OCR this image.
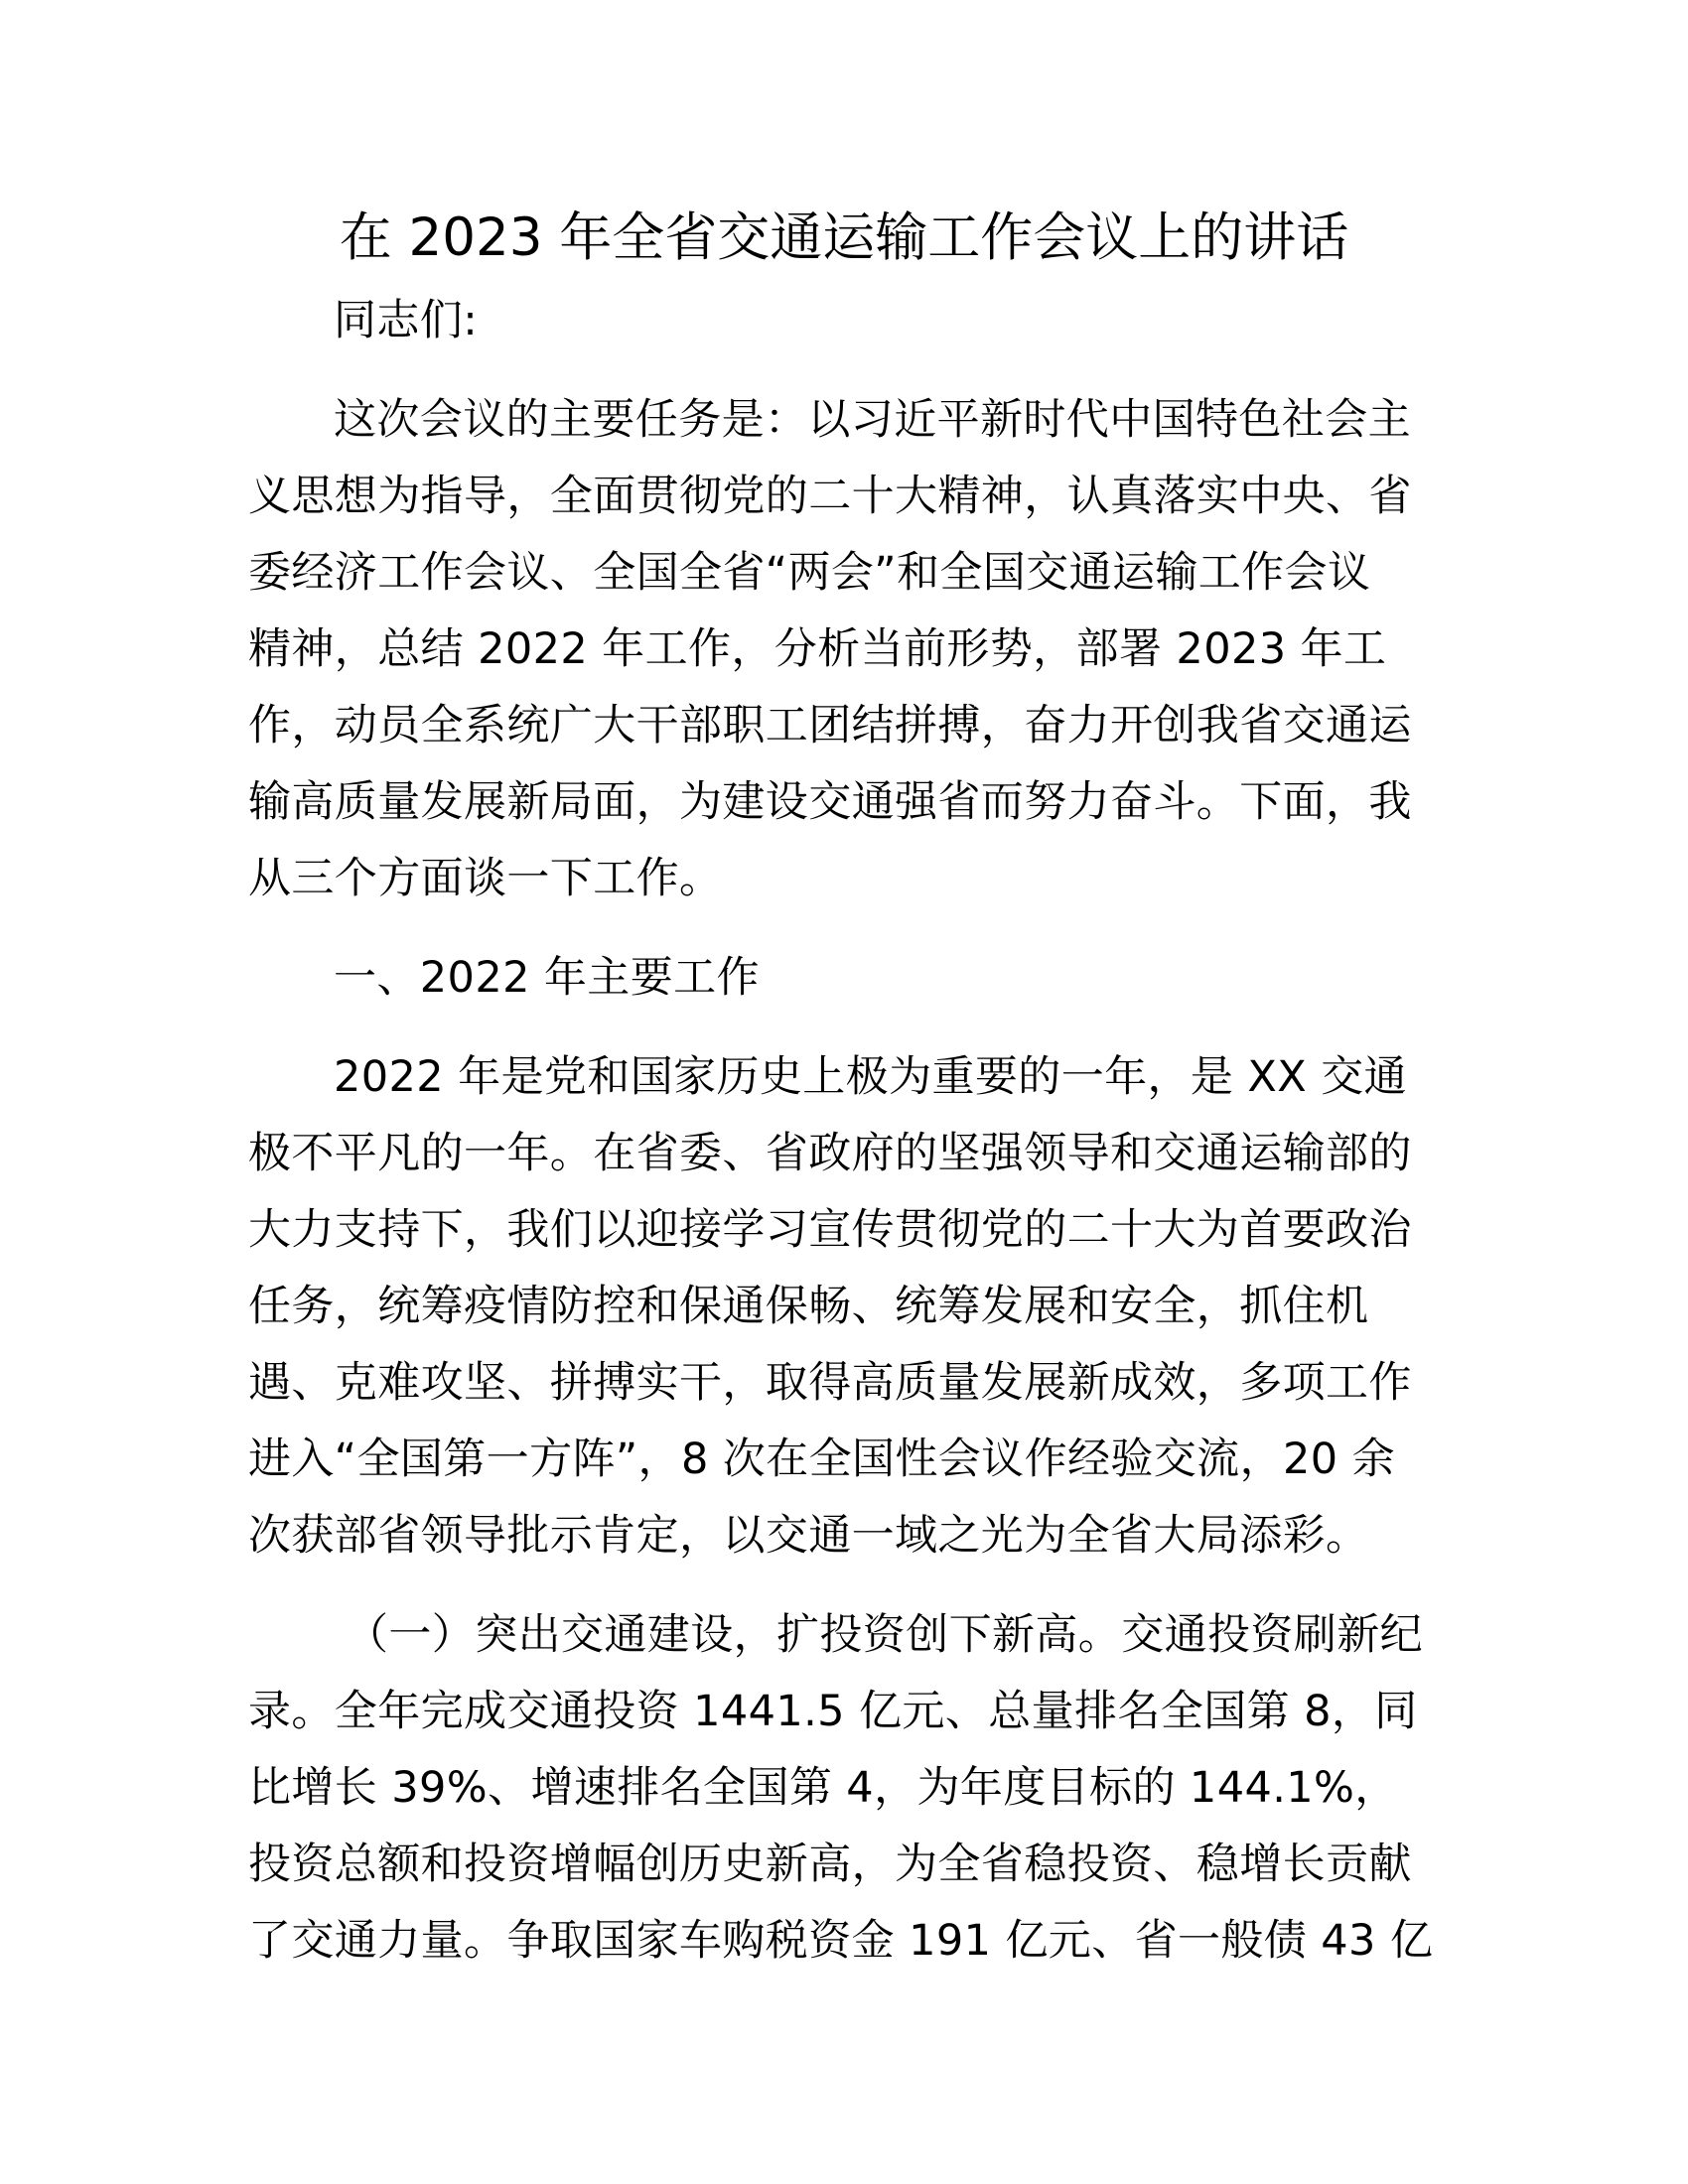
在 2023 年全省交通运输工作会议上的讲话
同志们:
这次会议的主要任务是：以习近平新时代中国特色社会主
义思想为指导，全面贯彻党的二十大精神，认真落实中央、省
委经济工作会议、全国全省“两会”和全国交通运输工作会议
精神，总结 2022 年工作，分析当前形势，部署 2023 年工
作，动员全系统广大干部职工团结拼搏，奋力开创我省交通运
输高质量发展新局面，为建设交通强省而努力奋斗。下面，我
从三个方面谈一下工作。
一、2022 年主要工作
2022 年是党和国家历史上极为重要的一年，是 XX 交通
极不平凡的一年。在省委、省政府的坚强领导和交通运输部的
大力支持下，我们以迎接学习宣传贯彻党的二十大为首要政治
任务，统筹疫情防控和保通保畅、统筹发展和安全，抓住机
遇、克难攻坚、拼搏实干，取得高质量发展新成效，多项工作
进入“全国第一方阵”，8 次在全国性会议作经验交流，20 余
次获部省领导批示肯定，以交通一域之光为全省大局添彩。
（一）突出交通建设，扩投资创下新高。交通投资刷新纪
录。全年完成交通投资 1441.5 亿元、总量排名全国第 8，同
比增长 39%、增速排名全国第 4，为年度目标的 144.1%，
投资总额和投资增幅创历史新高，为全省稳投资、稳增长贡献
了交通力量。争取国家车购税资金 191 亿元、省一般债 43 亿
